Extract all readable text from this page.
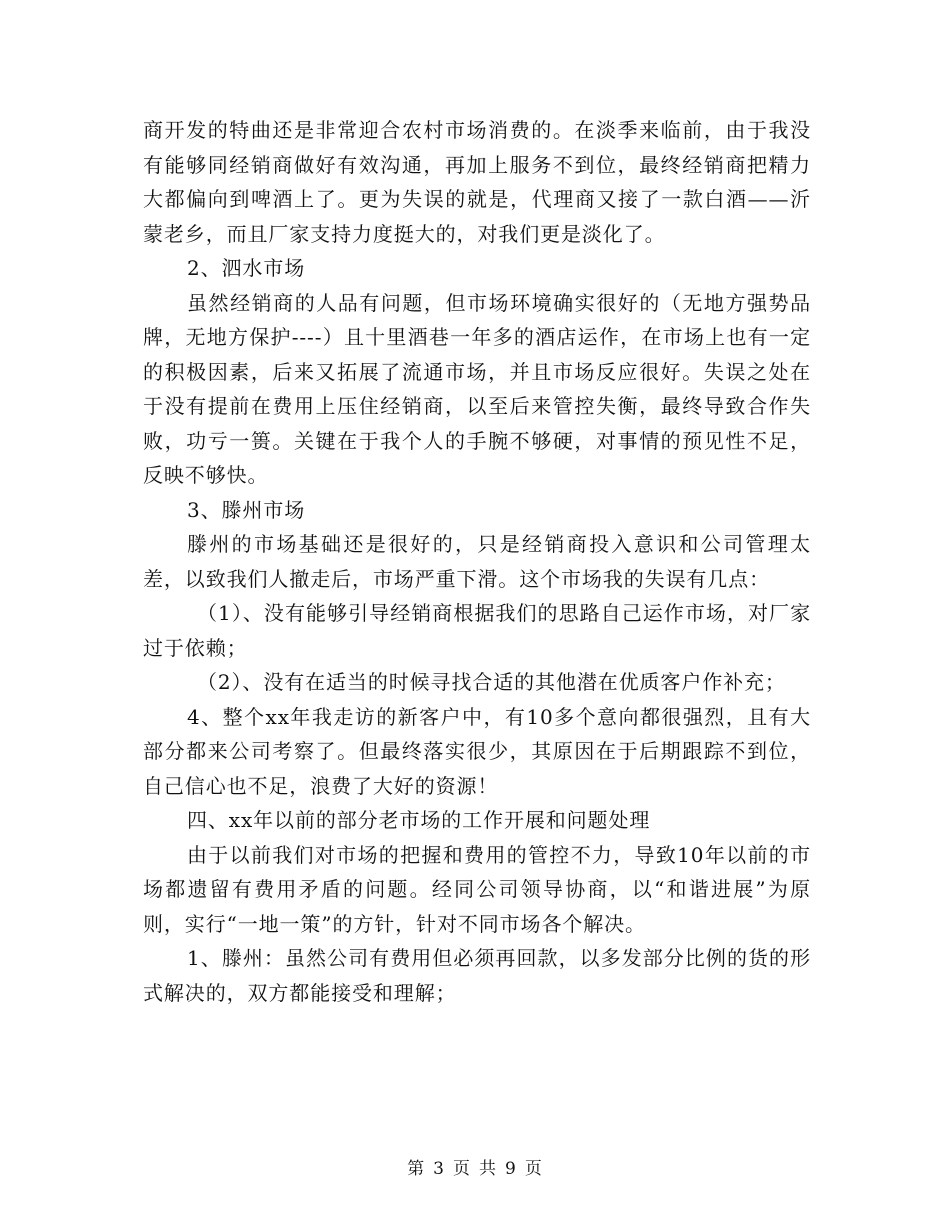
商开发的特曲还是非常迎合农村市场消费的。在淡季来临前，由于我没有能够同经销商做好有效沟通，再加上服务不到位，最终经销商把精力大都偏向到啤酒上了。更为失误的就是，代理商又接了一款白酒——沂蒙老乡，而且厂家支持力度挺大的，对我们更是淡化了。

2、泗水市场

虽然经销商的人品有问题，但市场环境确实很好的（无地方强势品牌，无地方保护----）且十里酒巷一年多的酒店运作，在市场上也有一定的积极因素，后来又拓展了流通市场，并且市场反应很好。失误之处在于没有提前在费用上压住经销商，以至后来管控失衡，最终导致合作失败，功亏一篑。关键在于我个人的手腕不够硬，对事情的预见性不足，反映不够快。

3、滕州市场

滕州的市场基础还是很好的，只是经销商投入意识和公司管理太差，以致我们人撤走后，市场严重下滑。这个市场我的失误有几点：

（1）、没有能够引导经销商根据我们的思路自己运作市场，对厂家过于依赖；

（2）、没有在适当的时候寻找合适的其他潜在优质客户作补充；

4、整个xx年我走访的新客户中，有10多个意向都很强烈，且有大部分都来公司考察了。但最终落实很少，其原因在于后期跟踪不到位，自己信心也不足，浪费了大好的资源！

四、xx年以前的部分老市场的工作开展和问题处理

由于以前我们对市场的把握和费用的管控不力，导致10年以前的市场都遗留有费用矛盾的问题。经同公司领导协商，以“和谐进展”为原则，实行“一地一策”的方针，针对不同市场各个解决。

1、滕州：虽然公司有费用但必须再回款，以多发部分比例的货的形式解决的，双方都能接受和理解；

第 3 页 共 9 页
